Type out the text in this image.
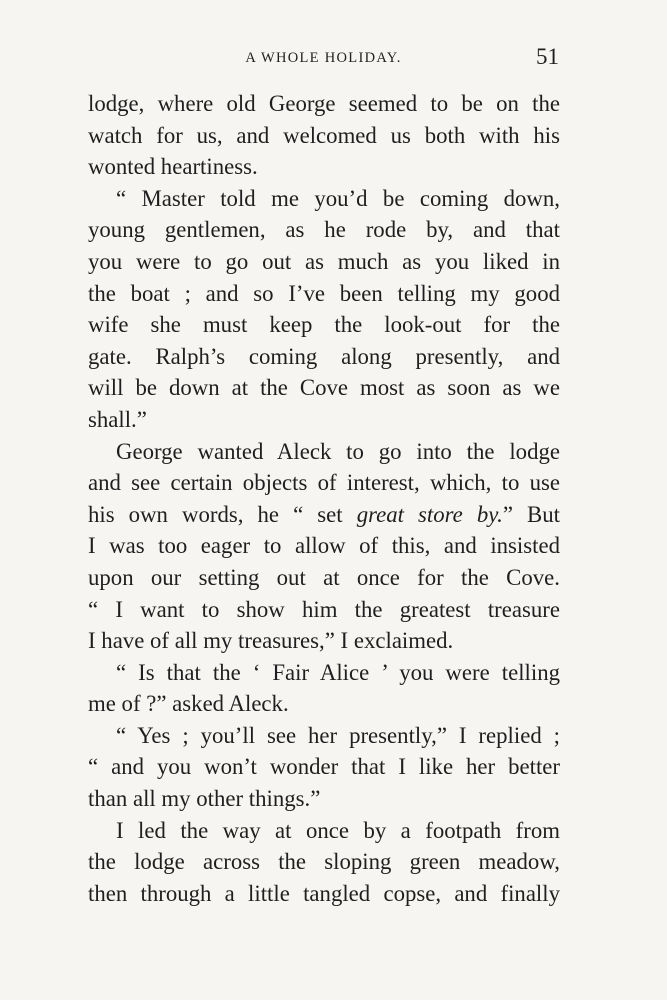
A WHOLE HOLIDAY.	51
lodge, where old George seemed to be on the
watch for us, and welcomed us both with his
wonted heartiness.
“ Master told me you’d be coming down,
young gentlemen, as he rode by, and that
you were to go out as much as you liked in
the boat ; and so I’ve been telling my good
wife she must keep the look-out for the
gate. Ralph’s coming along presently, and
will be down at the Cove most as soon as we
shall.”
George wanted Aleck to go into the lodge
and see certain objects of interest, which, to use
his own words, he “ set great store by.” But
I was too eager to allow of this, and insisted
upon our setting out at once for the Cove.
“ I want to show him the greatest treasure
I have of all my treasures,” I exclaimed.
“ Is that the ‘ Fair Alice ’ you were telling
me of ?” asked Aleck.
“ Yes ; you’ll see her presently,” I replied ;
“ and you won’t wonder that I like her better
than all my other things.”
I led the way at once by a footpath from
the lodge across the sloping green meadow,
then through a little tangled copse, and finally
